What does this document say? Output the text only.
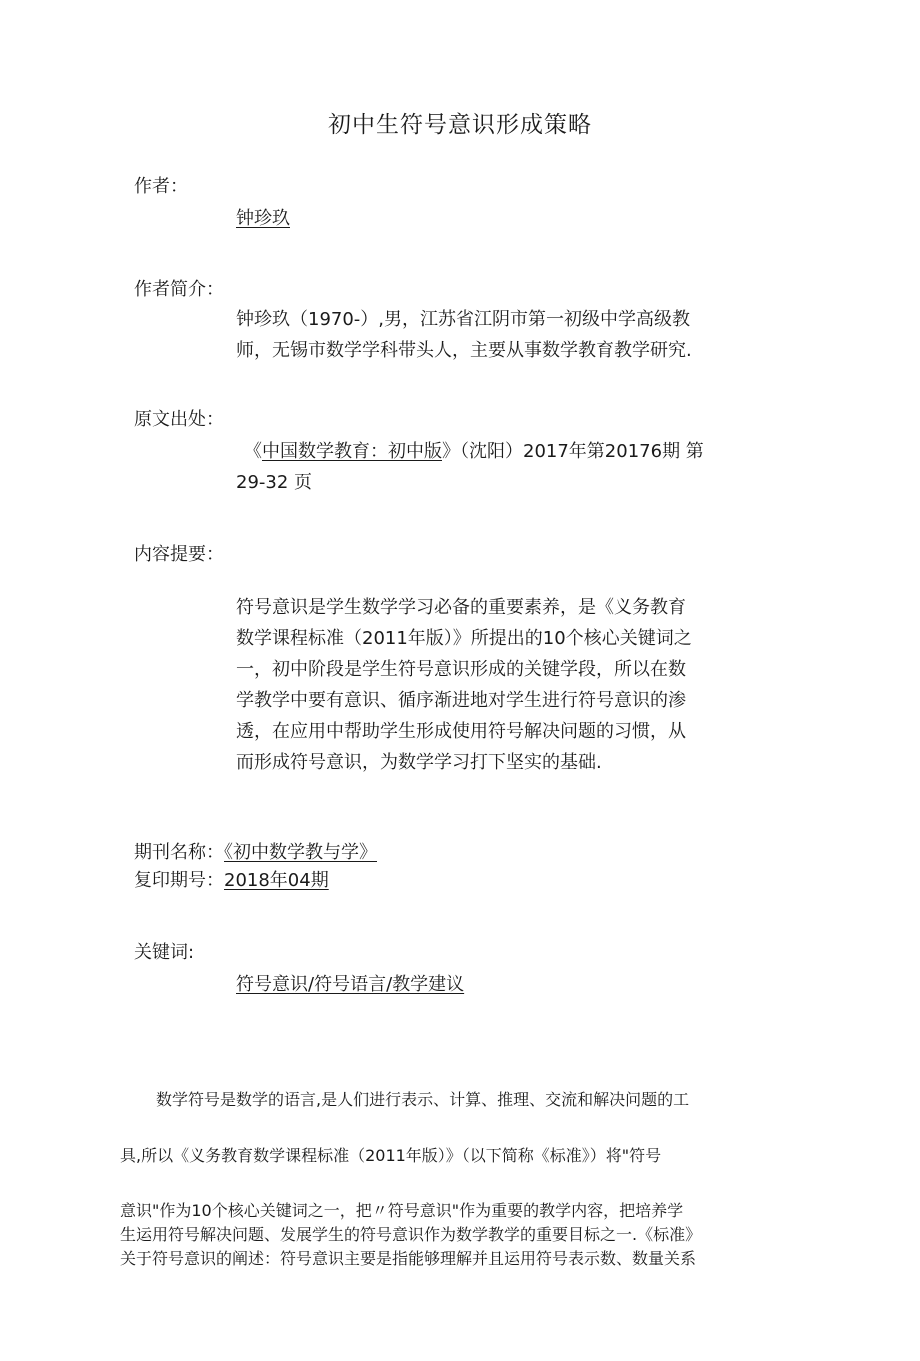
初中生符号意识形成策略
作者：
钟珍玖
作者简介：
钟珍玖（1970-）,男，江苏省江阴市第一初级中学高级教
师，无锡市数学学科带头人，主要从事数学教育教学研究.
原文出处：
《中国数学教育：初中版》（沈阳）2017年第20176期 第
29-32 页
内容提要：
符号意识是学生数学学习必备的重要素养，是《义务教育
数学课程标准（2011年版）》所提出的10个核心关键词之
一，初中阶段是学生符号意识形成的关键学段，所以在数
学教学中要有意识、循序渐进地对学生进行符号意识的渗
透，在应用中帮助学生形成使用符号解决问题的习惯，从
而形成符号意识，为数学学习打下坚实的基础.
期刊名称：《初中数学教与学》
复印期号：2018年04期
关键词:
符号意识/符号语言/教学建议
数学符号是数学的语言,是人们进行表示、计算、推理、交流和解决问题的工
具,所以《义务教育数学课程标准（2011年版）》（以下简称《标准》）将"符号
意识"作为10个核心关键词之一，把〃符号意识"作为重要的教学内容，把培养学
生运用符号解决问题、发展学生的符号意识作为数学教学的重要目标之一.《标准》
关于符号意识的阐述：符号意识主要是指能够理解并且运用符号表示数、数量关系
